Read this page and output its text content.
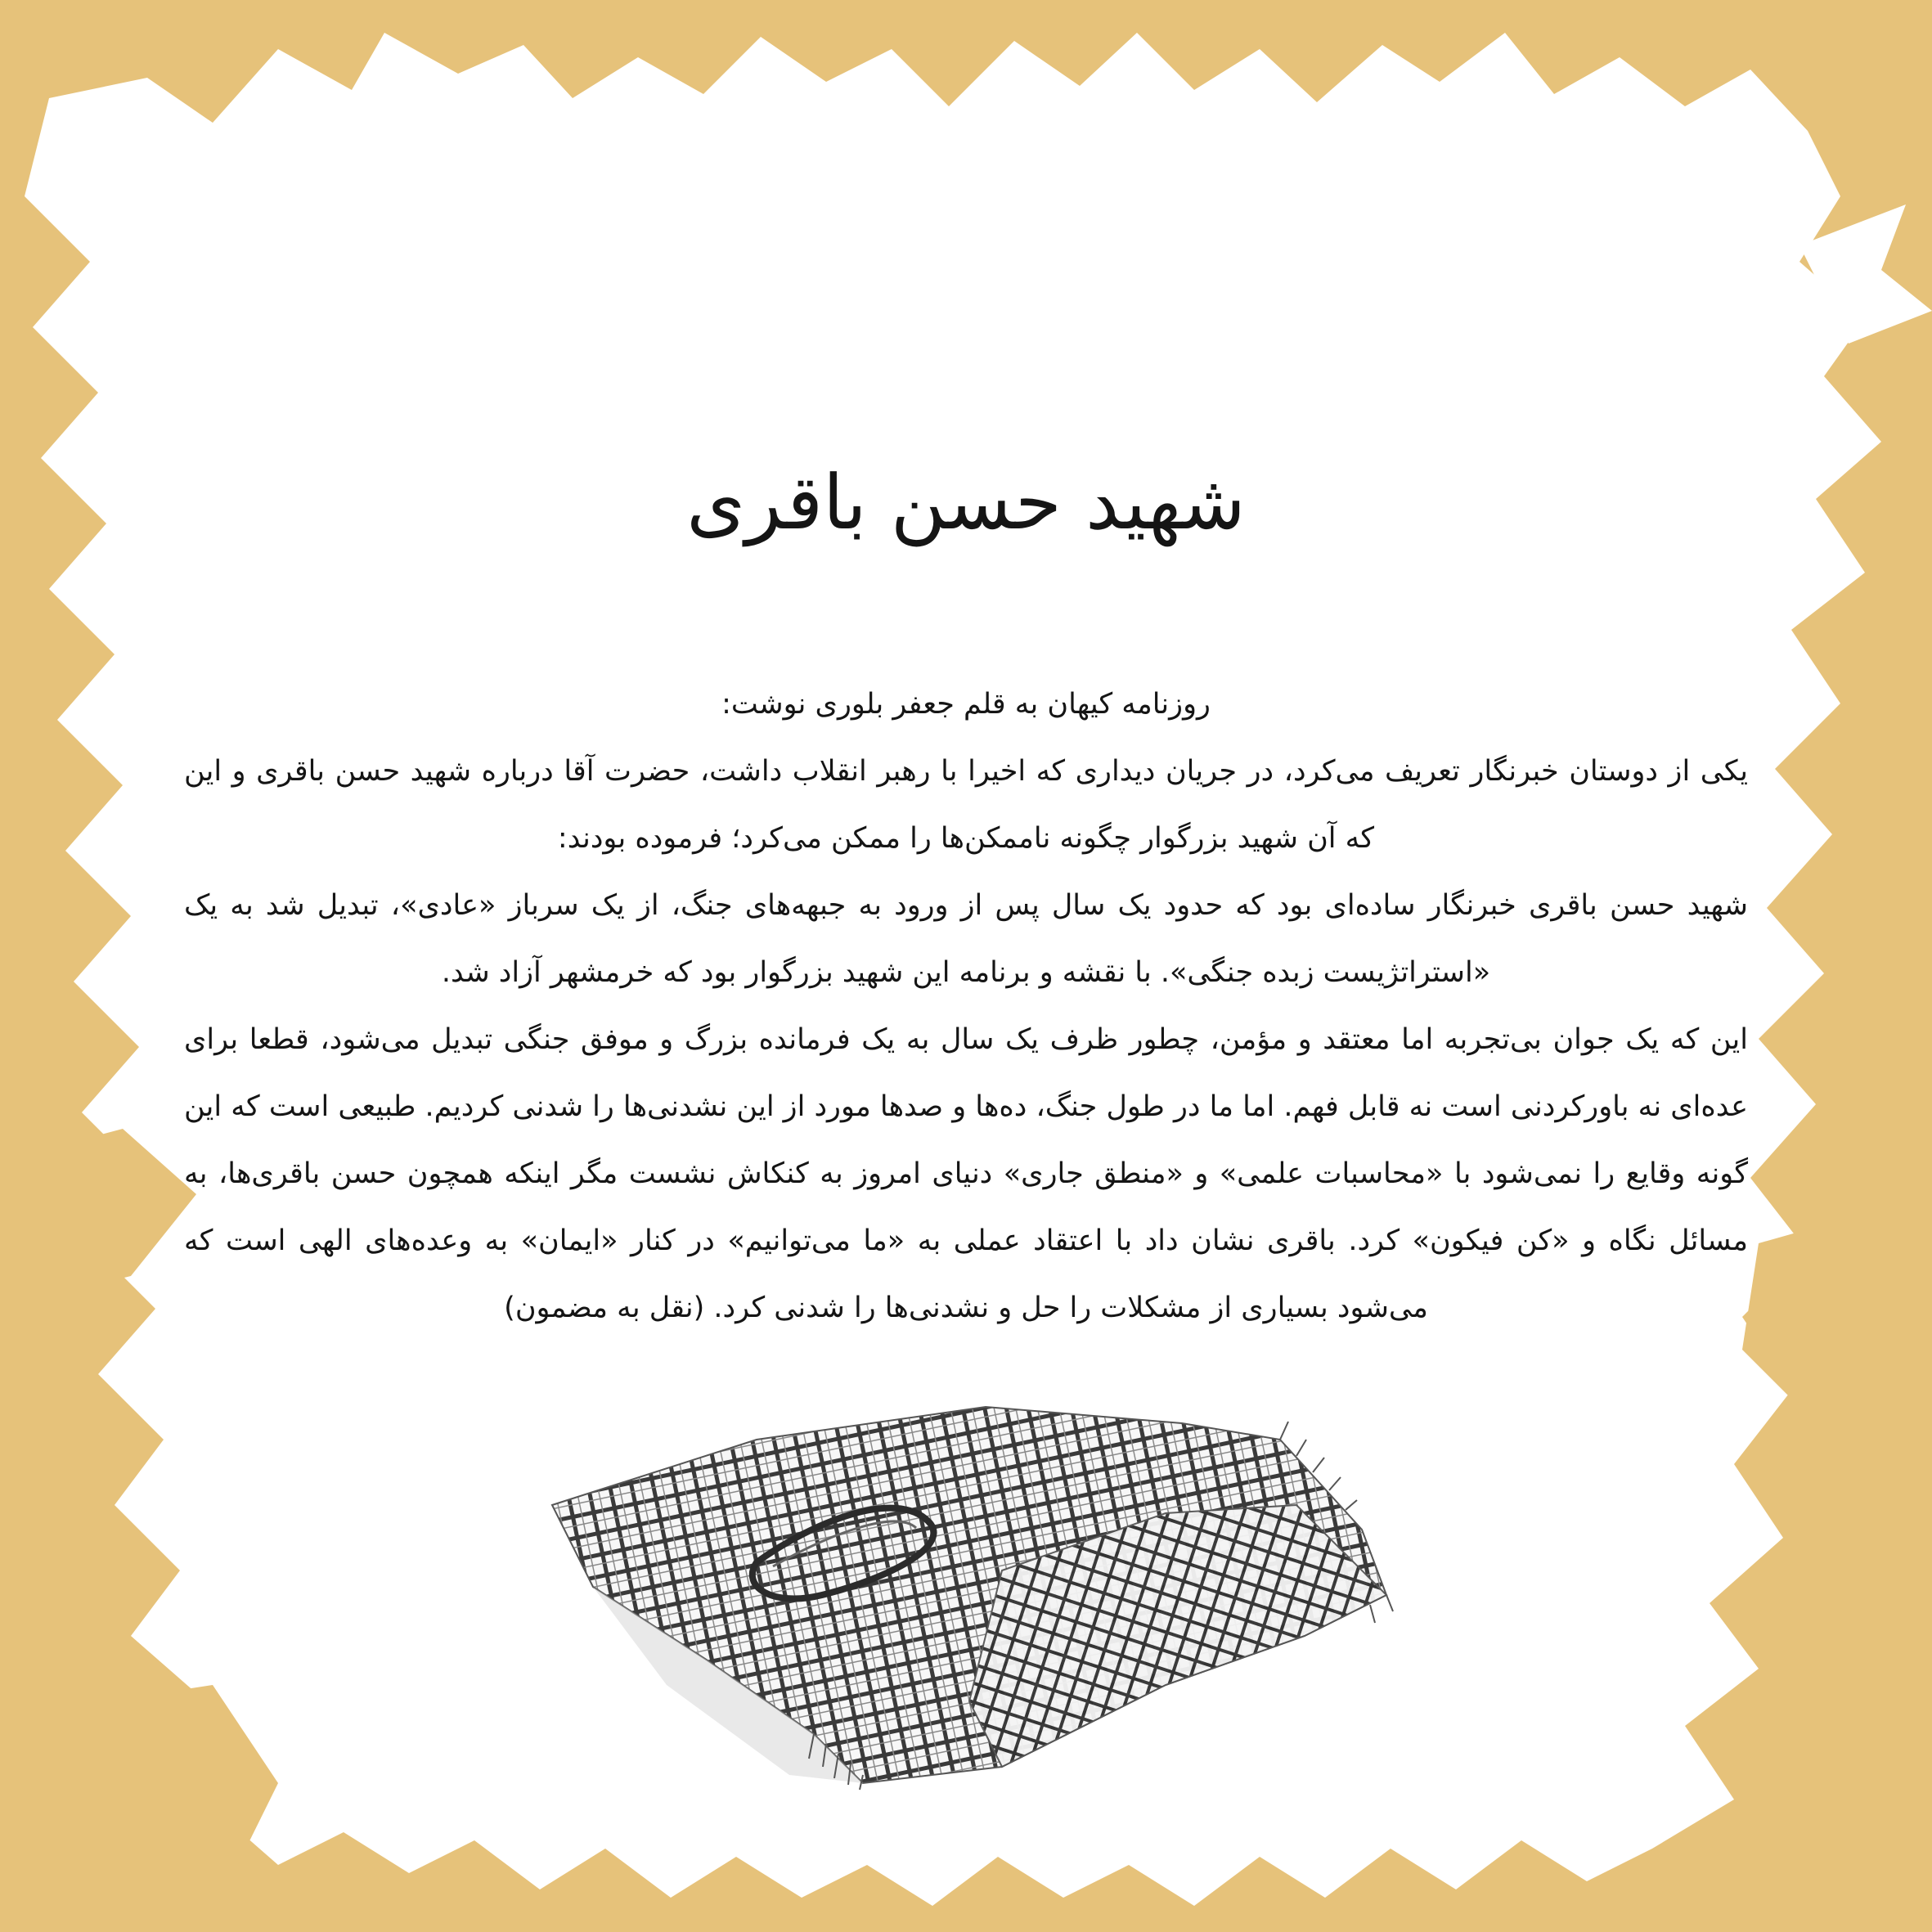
شهید حسن باقری

روزنامه کیهان به قلم جعفر بلوری نوشت:

یکی از دوستان خبرنگار تعریف می‌کرد، در جریان دیداری که اخیرا با رهبر انقلاب داشت، حضرت آقا درباره شهید حسن باقری و این که آن شهید بزرگوار چگونه ناممکن‌ها را ممکن می‌کرد؛ فرموده بودند:

شهید حسن باقری خبرنگار ساده‌ای بود که حدود یک سال پس از ورود به جبهه‌های جنگ، از یک سرباز «عادی»، تبدیل شد به یک «استراتژیست زبده جنگی». با نقشه و برنامه این شهید بزرگوار بود که خرمشهر آزاد شد.

این که یک جوان بی‌تجربه اما معتقد و مؤمن، چطور ظرف یک سال به یک فرمانده بزرگ و موفق جنگی تبدیل می‌شود، قطعا برای عده‌ای نه باورکردنی است نه قابل فهم. اما ما در طول جنگ، ده‌ها و صدها مورد از این نشدنی‌ها را شدنی کردیم. طبیعی است که این گونه وقایع را نمی‌شود با «محاسبات علمی» و «منطق جاری» دنیای امروز به کنکاش نشست مگر اینکه همچون حسن باقری‌ها، به مسائل نگاه و «کن فیکون» کرد. باقری نشان داد با اعتقاد عملی به «ما می‌توانیم» در کنار «ایمان» به وعده‌های الهی است که می‌شود بسیاری از مشکلات را حل و نشدنی‌ها را شدنی کرد. (نقل به مضمون)
